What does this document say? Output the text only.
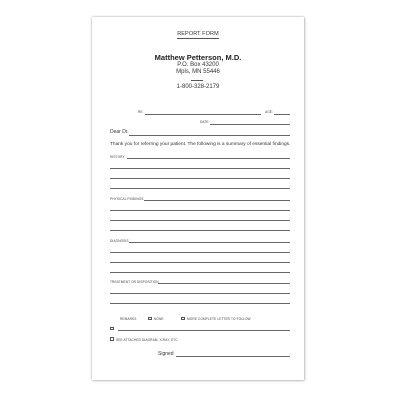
REPORT FORM
Matthew Petterson, M.D.
P.O. Box 43200
Mpls, MN 55446
1-800-328-2179
RE:	AGE:
DATE:
Dear Dr.
Thank you for referring your patient. The following is a summary of essential findings.
HISTORY
PHYSICAL FINDINGS
DIAGNOSIS
TREATMENT OR DISPOSITION
REMARKS	NONE	MORE COMPLETE LETTER TO FOLLOW
SEE ATTACHED DIAGRAM, X-RAY, ETC
Signed
